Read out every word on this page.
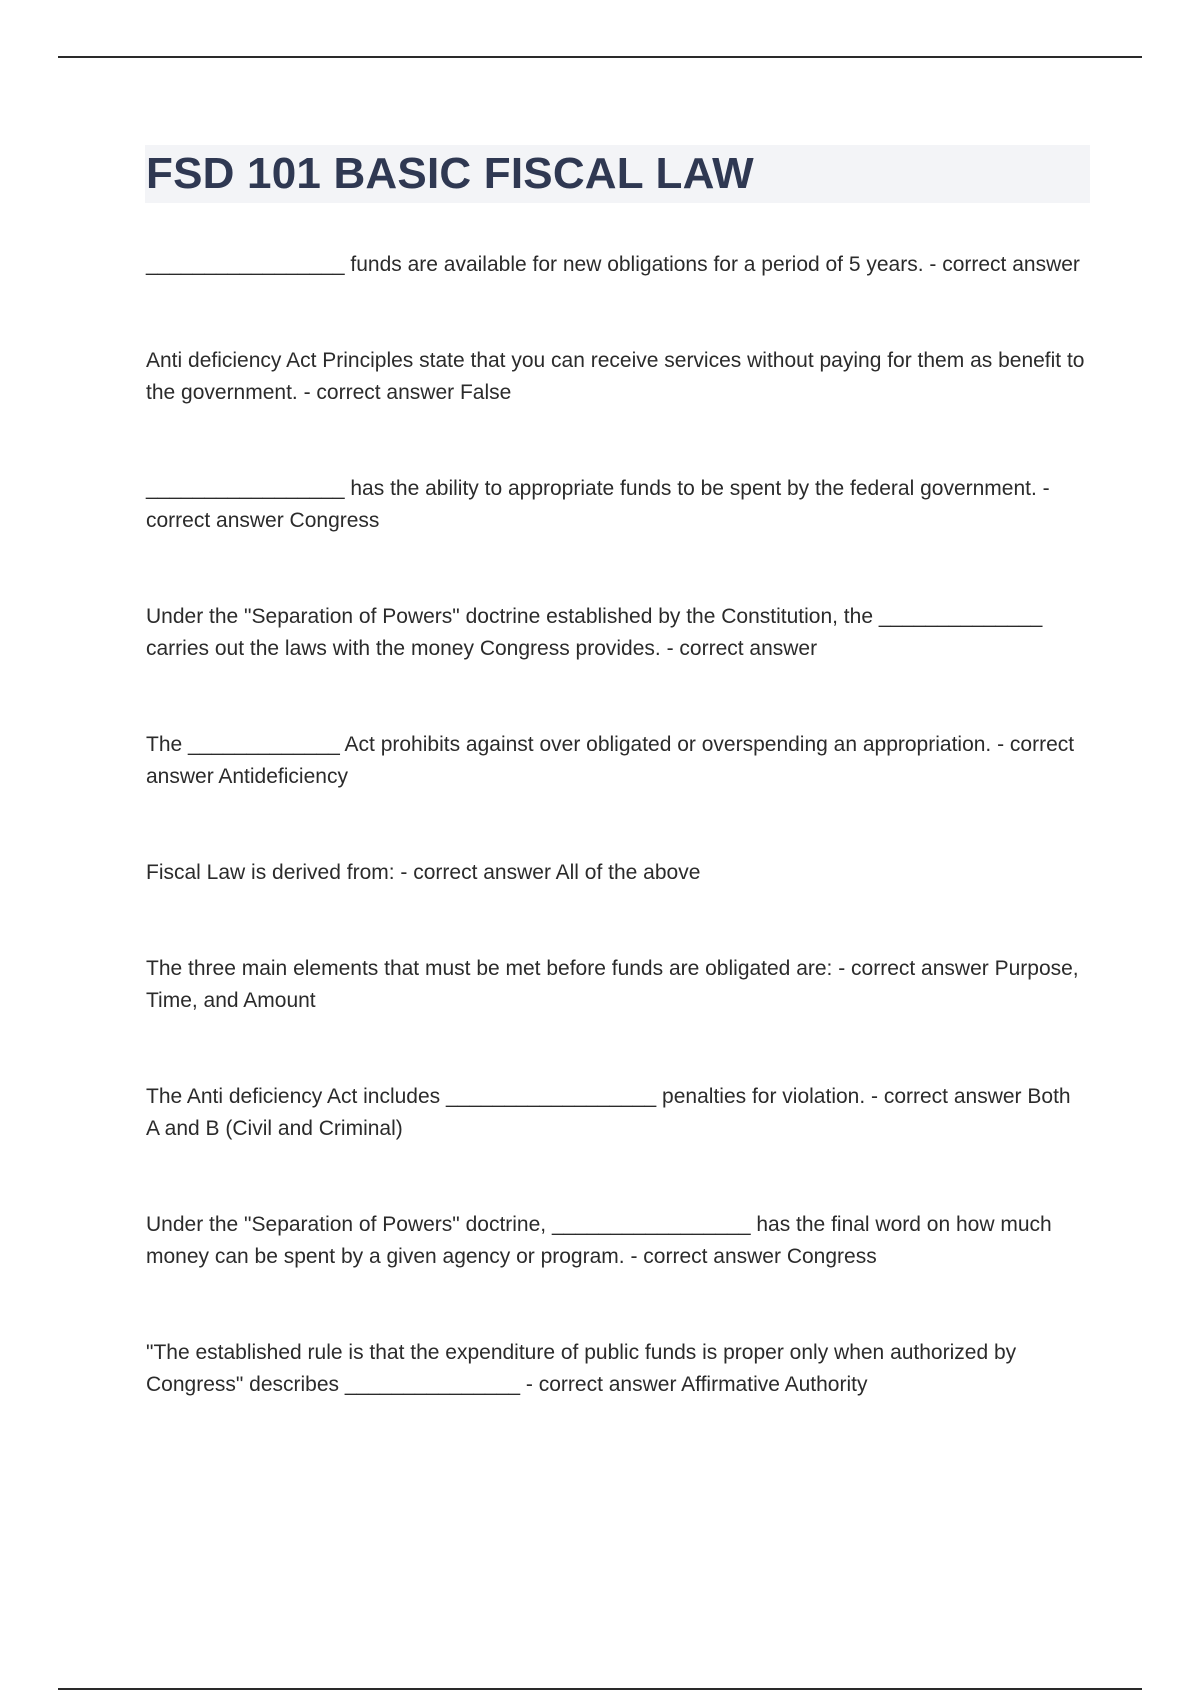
FSD 101 BASIC FISCAL LAW
_________________ funds are available for new obligations for a period of 5 years. - correct answer
Anti deficiency Act Principles state that you can receive services without paying for them as benefit to the government. - correct answer False
_________________ has the ability to appropriate funds to be spent by the federal government. - correct answer Congress
Under the "Separation of Powers" doctrine established by the Constitution, the ______________ carries out the laws with the money Congress provides. - correct answer
The _____________ Act prohibits against over obligated or overspending an appropriation. - correct answer Antideficiency
Fiscal Law is derived from: - correct answer All of the above
The three main elements that must be met before funds are obligated are: - correct answer Purpose, Time, and Amount
The Anti deficiency Act includes __________________ penalties for violation. - correct answer Both A and B (Civil and Criminal)
Under the "Separation of Powers" doctrine, _________________ has the final word on how much money can be spent by a given agency or program. - correct answer Congress
"The established rule is that the expenditure of public funds is proper only when authorized by Congress" describes _______________ - correct answer Affirmative Authority
